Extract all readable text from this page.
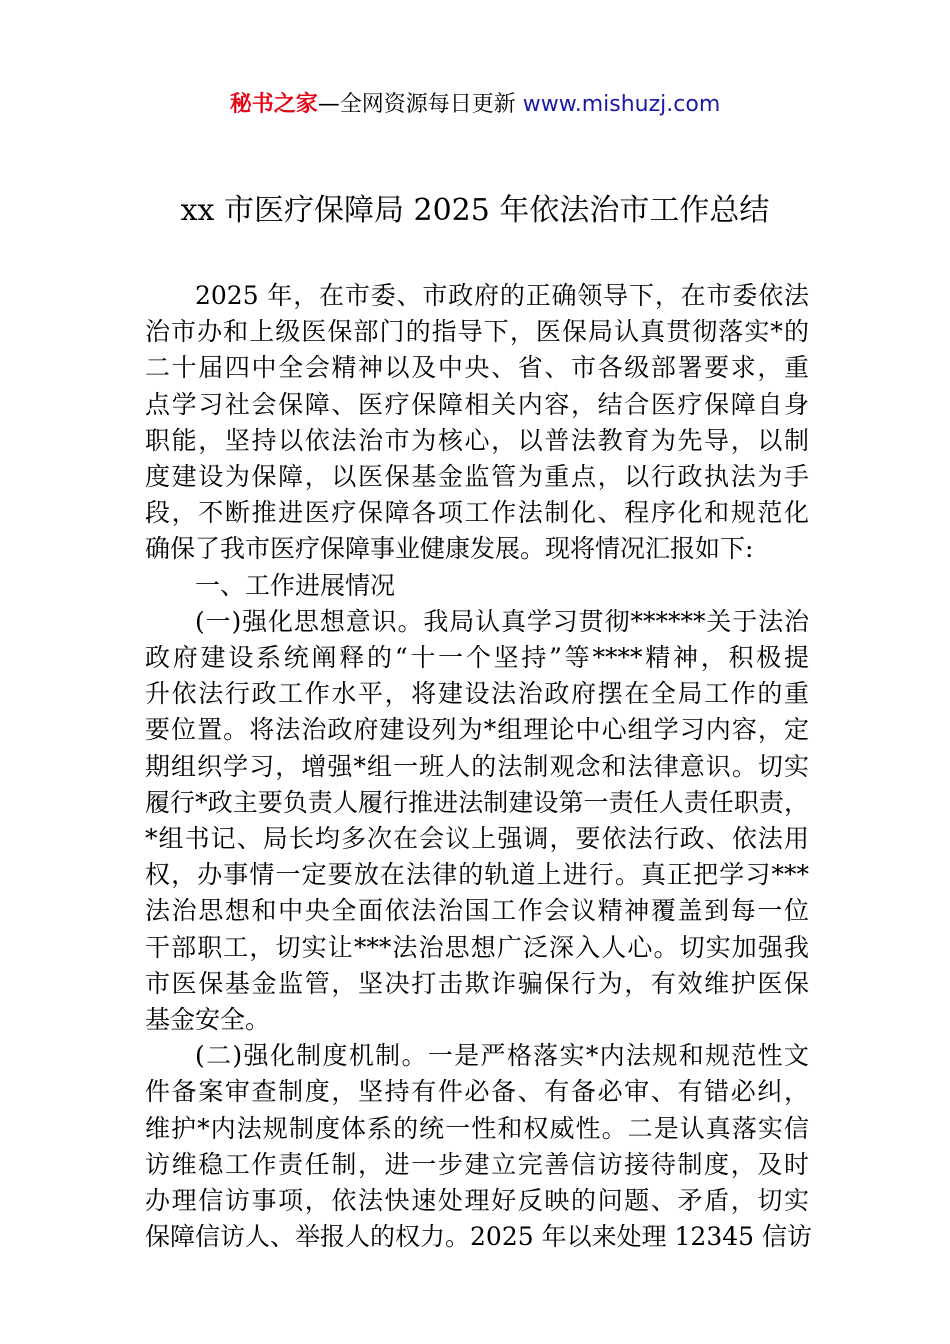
秘书之家—全网资源每日更新 www.mishuzj.com
xx 市医疗保障局 2025 年依法治市工作总结
2025 年，在市委、市政府的正确领导下，在市委依法
治市办和上级医保部门的指导下，医保局认真贯彻落实*的
二十届四中全会精神以及中央、省、市各级部署要求，重
点学习社会保障、医疗保障相关内容，结合医疗保障自身
职能，坚持以依法治市为核心，以普法教育为先导，以制
度建设为保障，以医保基金监管为重点，以行政执法为手
段，不断推进医疗保障各项工作法制化、程序化和规范化
确保了我市医疗保障事业健康发展。现将情况汇报如下:
一、工作进展情况
(一)强化思想意识。我局认真学习贯彻******关于法治
政府建设系统阐释的“十一个坚持”等****精神，积极提
升依法行政工作水平，将建设法治政府摆在全局工作的重
要位置。将法治政府建设列为*组理论中心组学习内容，定
期组织学习，增强*组一班人的法制观念和法律意识。切实
履行*政主要负责人履行推进法制建设第一责任人责任职责，
*组书记、局长均多次在会议上强调，要依法行政、依法用
权，办事情一定要放在法律的轨道上进行。真正把学习***
法治思想和中央全面依法治国工作会议精神覆盖到每一位
干部职工，切实让***法治思想广泛深入人心。切实加强我
市医保基金监管，坚决打击欺诈骗保行为，有效维护医保
基金安全。
(二)强化制度机制。一是严格落实*内法规和规范性文
件备案审查制度，坚持有件必备、有备必审、有错必纠，
维护*内法规制度体系的统一性和权威性。二是认真落实信
访维稳工作责任制，进一步建立完善信访接待制度，及时
办理信访事项，依法快速处理好反映的问题、矛盾，切实
保障信访人、举报人的权力。2025 年以来处理 12345 信访
